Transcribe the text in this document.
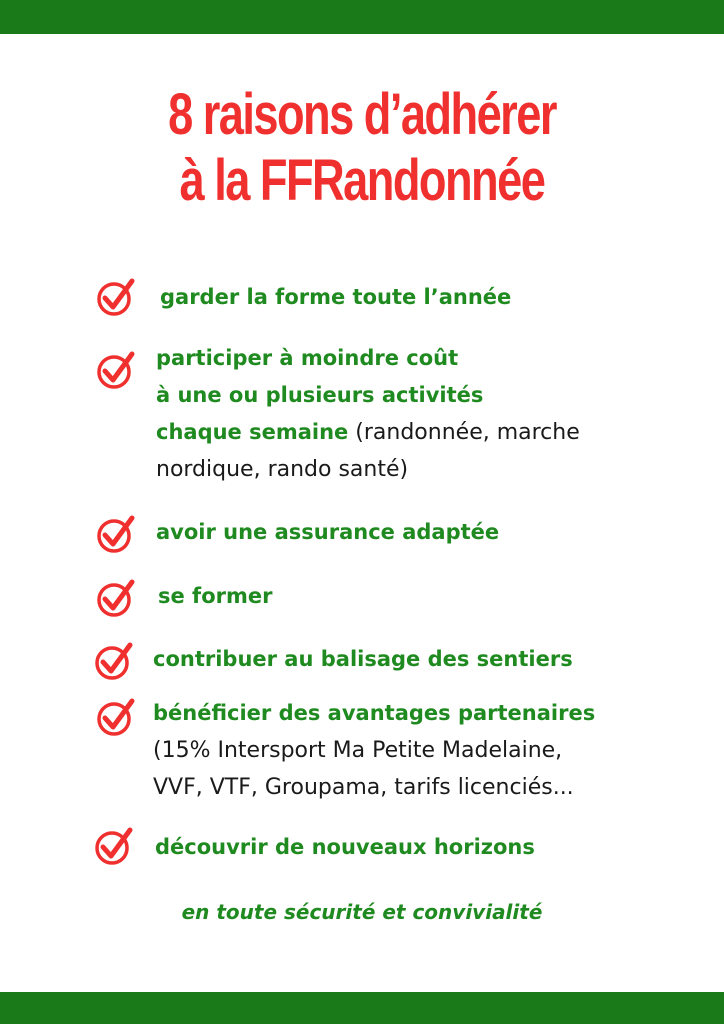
8 raisons d’adhérer
à la FFRandonnée
garder la forme toute l’année
participer à moindre coût
à une ou plusieurs activités
chaque semaine (randonnée, marche
nordique, rando santé)
avoir une assurance adaptée
se former
contribuer au balisage des sentiers
bénéficier des avantages partenaires
(15% Intersport Ma Petite Madelaine,
VVF, VTF, Groupama, tarifs licenciés...
découvrir de nouveaux horizons
en toute sécurité et convivialité
